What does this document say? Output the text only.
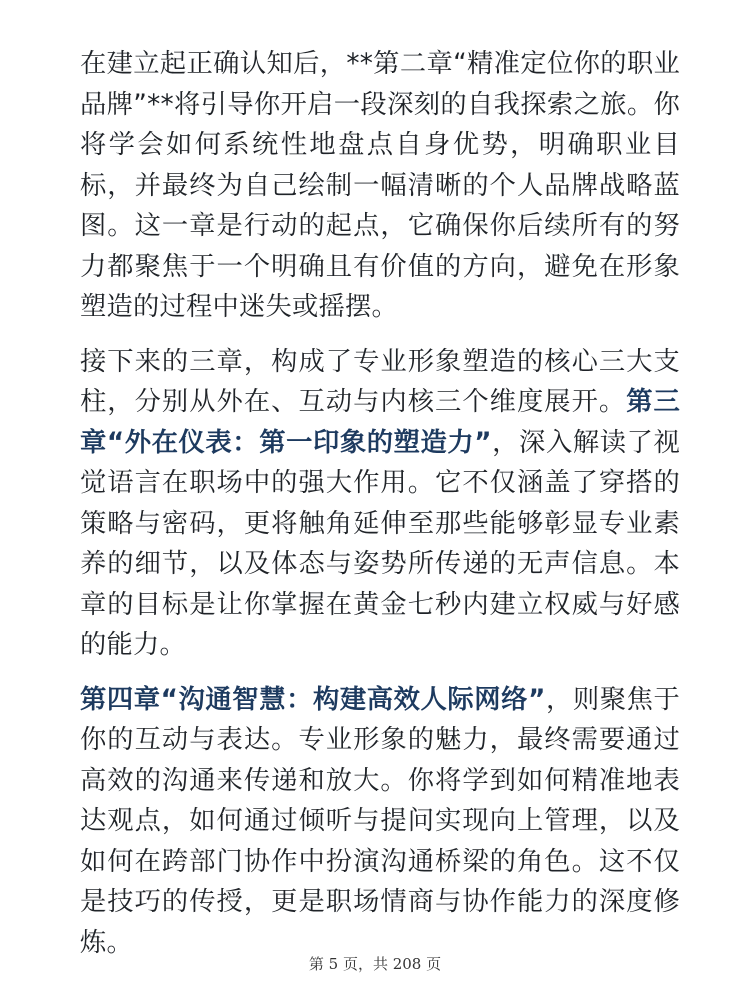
在建立起正确认知后，**第二章“精准定位你的职业品牌”**将引导你开启一段深刻的自我探索之旅。你将学会如何系统性地盘点自身优势，明确职业目标，并最终为自己绘制一幅清晰的个人品牌战略蓝图。这一章是行动的起点，它确保你后续所有的努力都聚焦于一个明确且有价值的方向，避免在形象塑造的过程中迷失或摇摆。

接下来的三章，构成了专业形象塑造的核心三大支柱，分别从外在、互动与内核三个维度展开。第三章“外在仪表：第一印象的塑造力”，深入解读了视觉语言在职场中的强大作用。它不仅涵盖了穿搭的策略与密码，更将触角延伸至那些能够彰显专业素养的细节，以及体态与姿势所传递的无声信息。本章的目标是让你掌握在黄金七秒内建立权威与好感的能力。

第四章“沟通智慧：构建高效人际网络”，则聚焦于你的互动与表达。专业形象的魅力，最终需要通过高效的沟通来传递和放大。你将学到如何精准地表达观点，如何通过倾听与提问实现向上管理，以及如何在跨部门协作中扮演沟通桥梁的角色。这不仅是技巧的传授，更是职场情商与协作能力的深度修炼。

第 5 页，共 208 页
